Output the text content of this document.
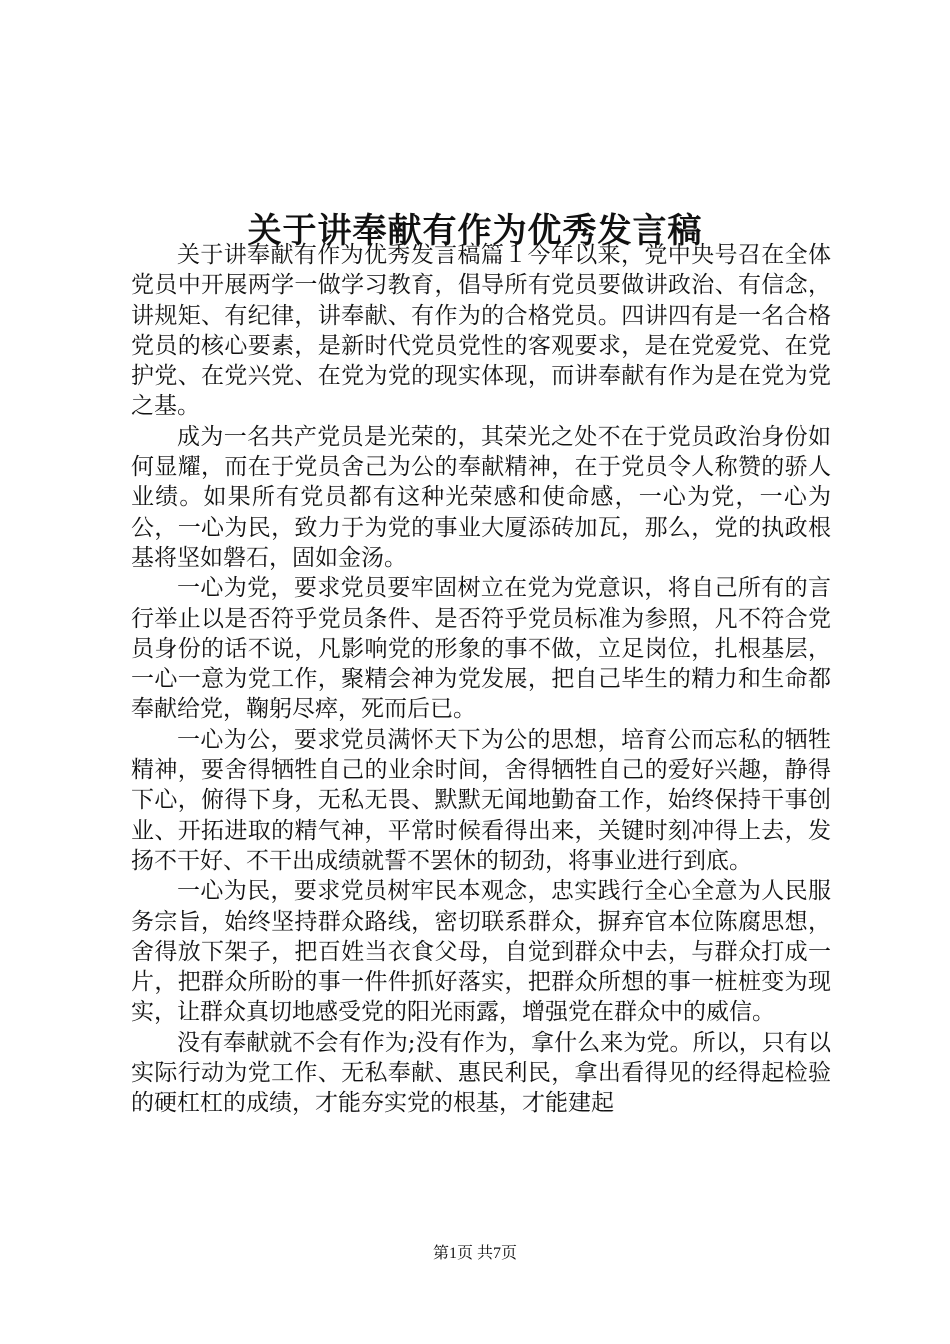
关于讲奉献有作为优秀发言稿

关于讲奉献有作为优秀发言稿篇１今年以来，党中央号召在全体党员中开展两学一做学习教育，倡导所有党员要做讲政治、有信念，讲规矩、有纪律，讲奉献、有作为的合格党员。四讲四有是一名合格党员的核心要素，是新时代党员党性的客观要求，是在党爱党、在党护党、在党兴党、在党为党的现实体现，而讲奉献有作为是在党为党之基。

成为一名共产党员是光荣的，其荣光之处不在于党员政治身份如何显耀，而在于党员舍己为公的奉献精神，在于党员令人称赞的骄人业绩。如果所有党员都有这种光荣感和使命感，一心为党，一心为公，一心为民，致力于为党的事业大厦添砖加瓦，那么，党的执政根基将坚如磐石，固如金汤。

一心为党，要求党员要牢固树立在党为党意识，将自己所有的言行举止以是否符乎党员条件、是否符乎党员标准为参照，凡不符合党员身份的话不说，凡影响党的形象的事不做，立足岗位，扎根基层，一心一意为党工作，聚精会神为党发展，把自己毕生的精力和生命都奉献给党，鞠躬尽瘁，死而后已。

一心为公，要求党员满怀天下为公的思想，培育公而忘私的牺牲精神，要舍得牺牲自己的业余时间，舍得牺牲自己的爱好兴趣，静得下心，俯得下身，无私无畏、默默无闻地勤奋工作，始终保持干事创业、开拓进取的精气神，平常时候看得出来，关键时刻冲得上去，发扬不干好、不干出成绩就誓不罢休的韧劲，将事业进行到底。

一心为民，要求党员树牢民本观念，忠实践行全心全意为人民服务宗旨，始终坚持群众路线，密切联系群众，摒弃官本位陈腐思想，舍得放下架子，把百姓当衣食父母，自觉到群众中去，与群众打成一片，把群众所盼的事一件件抓好落实，把群众所想的事一桩桩变为现实，让群众真切地感受党的阳光雨露，增强党在群众中的威信。

没有奉献就不会有作为;没有作为，拿什么来为党。所以，只有以实际行动为党工作、无私奉献、惠民利民，拿出看得见的经得起检验的硬杠杠的成绩，才能夯实党的根基，才能建起

第1页 共7页
